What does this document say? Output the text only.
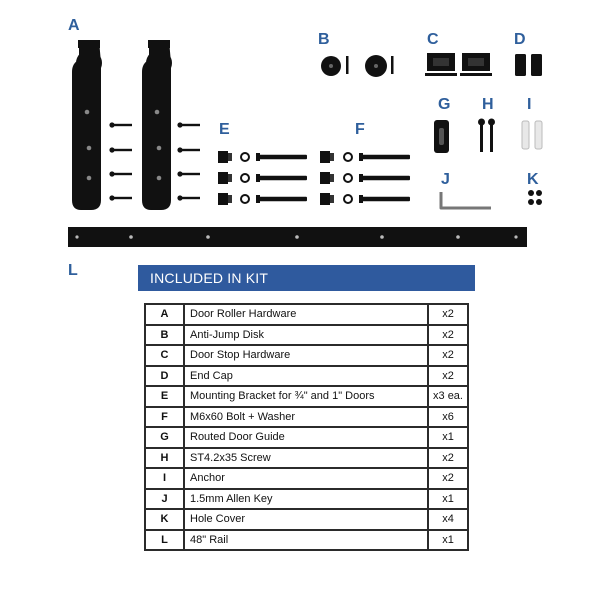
A
B	C	D
E	F
G H I
J	K
L	INCLUDED IN KIT
A	Door Roller Hardware	x2
B	Anti-Jump Disk	x2
C	Door Stop Hardware	x2
D	End Cap	x2
E	Mounting Bracket for ¾" and 1" Doors	x3 ea.
F	M6x60 Bolt + Washer	x6
G	Routed Door Guide	x1
H	ST4.2x35 Screw	x2
I	Anchor	x2
J	1.5mm Allen Key	x1
K	Hole Cover	x4
L	48" Rail	x1
